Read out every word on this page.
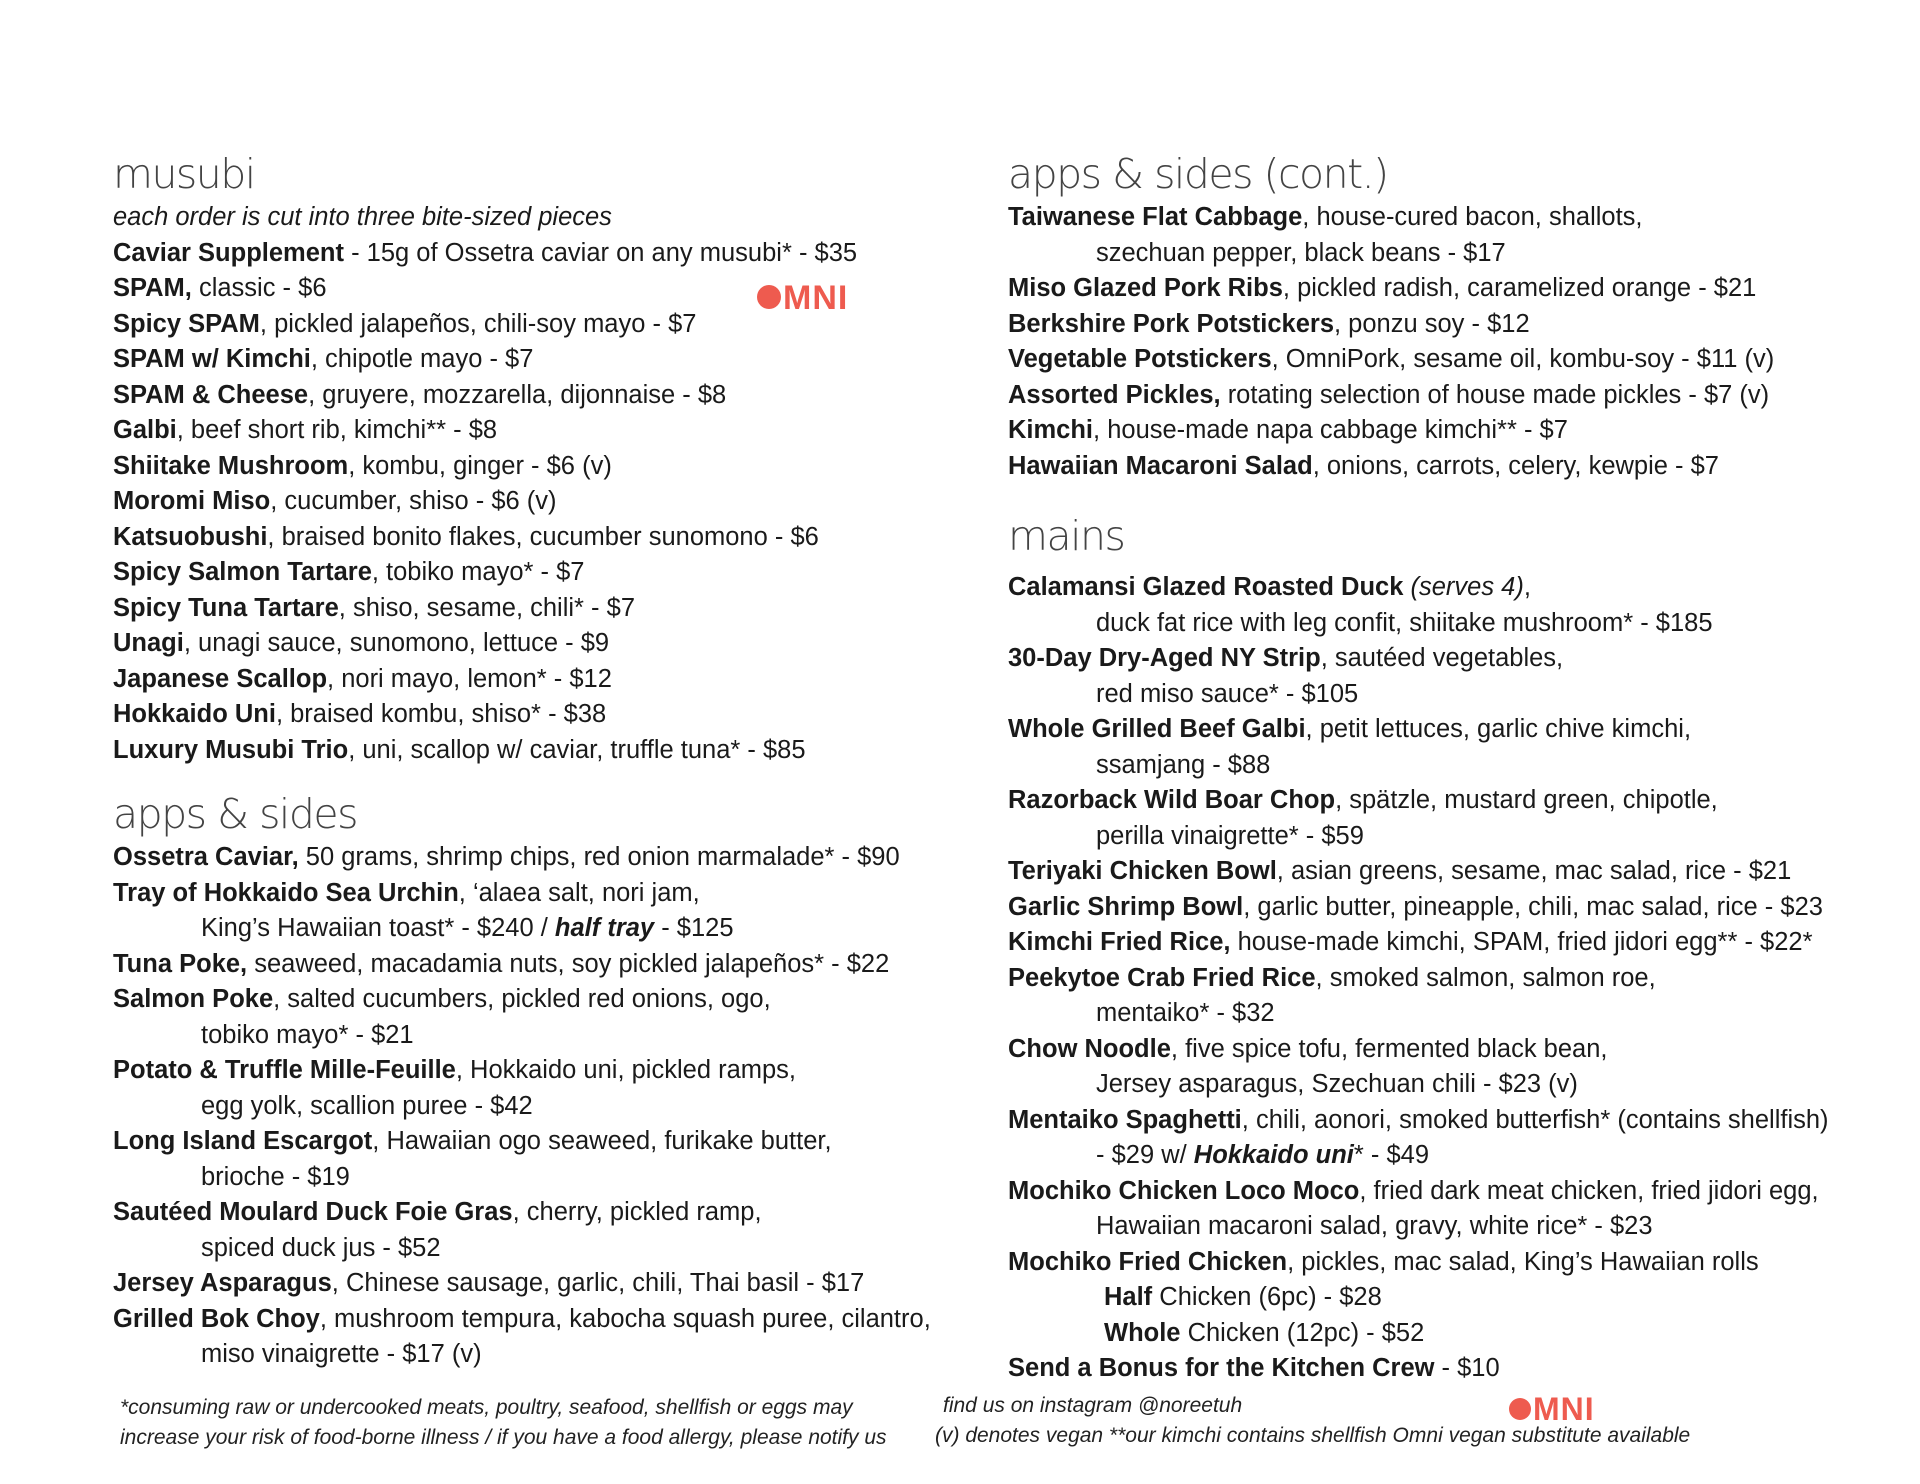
musubi

each order is cut into three bite-sized pieces

Caviar Supplement - 15g of Ossetra caviar on any musubi* - $35

SPAM, classic - $6

Spicy SPAM, pickled jalapeños, chili-soy mayo - $7

SPAM w/ Kimchi, chipotle mayo - $7

SPAM & Cheese, gruyere, mozzarella, dijonnaise - $8

Galbi, beef short rib, kimchi** - $8

Shiitake Mushroom, kombu, ginger - $6 (v)

Moromi Miso, cucumber, shiso - $6 (v)

Katsuobushi, braised bonito flakes, cucumber sunomono - $6

Spicy Salmon Tartare, tobiko mayo* - $7

Spicy Tuna Tartare, shiso, sesame, chili* - $7

Unagi, unagi sauce, sunomono, lettuce - $9

Japanese Scallop, nori mayo, lemon* - $12

Hokkaido Uni, braised kombu, shiso* - $38

Luxury Musubi Trio, uni, scallop w/ caviar, truffle tuna* - $85

apps & sides

Ossetra Caviar, 50 grams, shrimp chips, red onion marmalade* - $90

Tray of Hokkaido Sea Urchin, ‘alaea salt, nori jam,

King’s Hawaiian toast* - $240 / half tray - $125

Tuna Poke, seaweed, macadamia nuts, soy pickled jalapeños* - $22

Salmon Poke, salted cucumbers, pickled red onions, ogo,

tobiko mayo* - $21

Potato & Truffle Mille-Feuille, Hokkaido uni, pickled ramps,

egg yolk, scallion puree - $42

Long Island Escargot, Hawaiian ogo seaweed, furikake butter,

brioche - $19

Sautéed Moulard Duck Foie Gras, cherry, pickled ramp,

spiced duck jus - $52

Jersey Asparagus, Chinese sausage, garlic, chili, Thai basil - $17

Grilled Bok Choy, mushroom tempura, kabocha squash puree, cilantro,

miso vinaigrette - $17 (v)

apps & sides (cont.)

Taiwanese Flat Cabbage, house-cured bacon, shallots,

szechuan pepper, black beans - $17

Miso Glazed Pork Ribs, pickled radish, caramelized orange - $21

Berkshire Pork Potstickers, ponzu soy - $12

Vegetable Potstickers, OmniPork, sesame oil, kombu-soy - $11 (v)

Assorted Pickles, rotating selection of house made pickles - $7 (v)

Kimchi, house-made napa cabbage kimchi** - $7

Hawaiian Macaroni Salad, onions, carrots, celery, kewpie - $7

mains

Calamansi Glazed Roasted Duck (serves 4),

duck fat rice with leg confit, shiitake mushroom* - $185

30-Day Dry-Aged NY Strip, sautéed vegetables,

red miso sauce* - $105

Whole Grilled Beef Galbi, petit lettuces, garlic chive kimchi,

ssamjang - $88

Razorback Wild Boar Chop, spätzle, mustard green, chipotle,

perilla vinaigrette* - $59

Teriyaki Chicken Bowl, asian greens, sesame, mac salad, rice - $21

Garlic Shrimp Bowl, garlic butter, pineapple, chili, mac salad, rice - $23

Kimchi Fried Rice, house-made kimchi, SPAM, fried jidori egg** - $22*

Peekytoe Crab Fried Rice, smoked salmon, salmon roe,

mentaiko* - $32

Chow Noodle, five spice tofu, fermented black bean,

Jersey asparagus, Szechuan chili - $23 (v)

Mentaiko Spaghetti, chili, aonori, smoked butterfish* (contains shellfish)

- $29 w/ Hokkaido uni* - $49

Mochiko Chicken Loco Moco, fried dark meat chicken, fried jidori egg,

Hawaiian macaroni salad, gravy, white rice* - $23

Mochiko Fried Chicken, pickles, mac salad, King’s Hawaiian rolls

Half Chicken (6pc) - $28

Whole Chicken (12pc) - $52

Send a Bonus for the Kitchen Crew - $10

MNI
MNI
*consuming raw or undercooked meats, poultry, seafood, shellfish or eggs may
increase your risk of food-borne illness / if you have a food allergy, please notify us
find us on instagram @noreetuh
(v) denotes vegan **our kimchi contains shellfish Omni vegan substitute available
